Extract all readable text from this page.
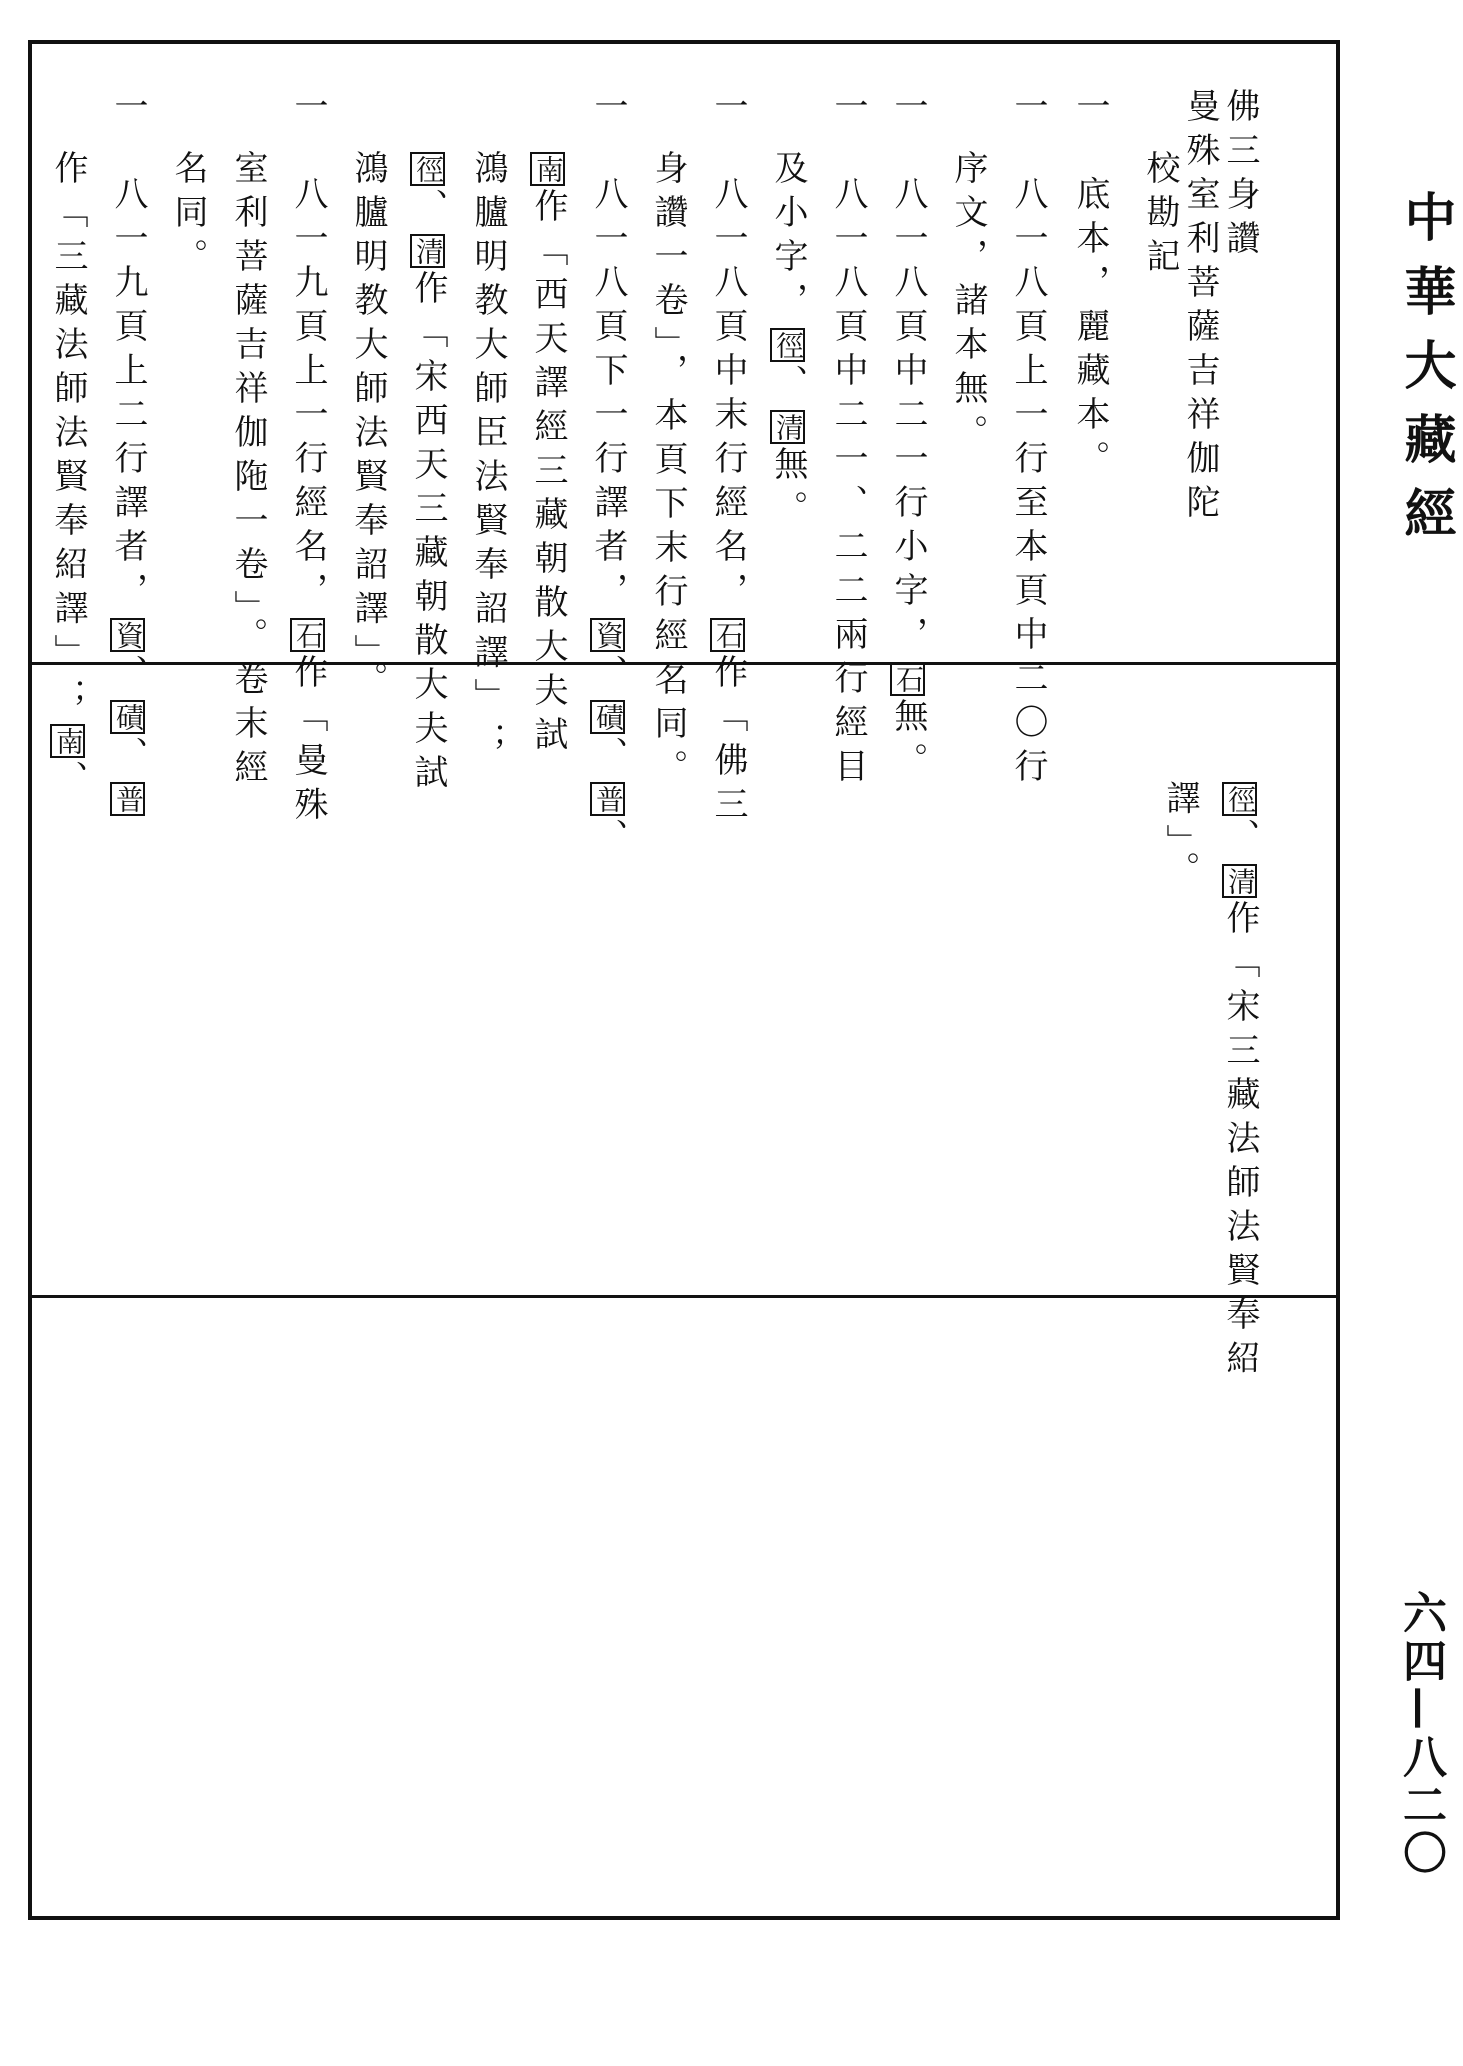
中華大藏經
六四—八二〇
佛三身讚
曼殊室利菩薩吉祥伽陀
校勘記
一　底本，麗藏本。
一　八一八頁上一行至本頁中二〇行
序文，諸本無。
一　八一八頁中二一行小字，石無。
一　八一八頁中二一、二二兩行經目
及小字，徑、清無。
一　八一八頁中末行經名，石作「佛三
身讚一卷」，本頁下末行經名同。
一　八一八頁下一行譯者，資、磧、普、
南作「西天譯經三藏朝散大夫試
鴻臚明教大師臣法賢奉詔譯」；
徑、清作「宋西天三藏朝散大夫試
鴻臚明教大師法賢奉詔譯」。
一　八一九頁上一行經名，石作「曼殊
室利菩薩吉祥伽陁一卷」。卷末經
名同。
一　八一九頁上二行譯者，資、磧、普
作「三藏法師法賢奉紹譯」；南、	徑、清作「宋三藏法師法賢奉紹
譯」。
